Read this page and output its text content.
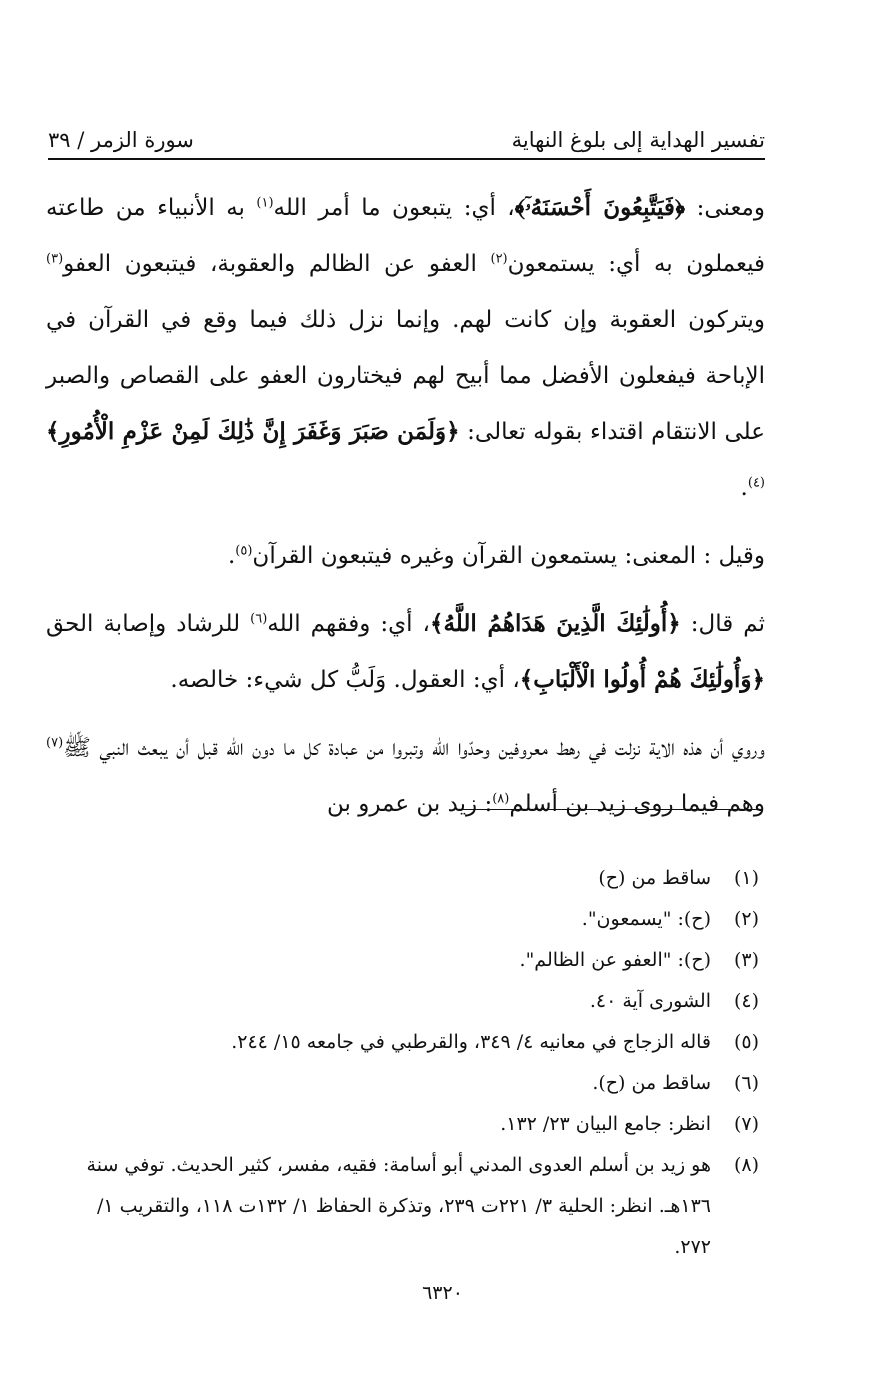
تفسير الهداية إلى بلوغ النهاية
سورة الزمر / ٣٩

ومعنى: ﴿فَيَتَّبِعُونَ أَحْسَنَهُۥٓ﴾، أي: يتبعون ما أمر الله$^{(١)}$ به الأنبياء من طاعته فيعملون به أي: يستمعون$^{(٢)}$ العفو عن الظالم والعقوبة، فيتبعون العفو$^{(٣)}$ ويتركون العقوبة وإن كانت لهم. وإنما نزل ذلك فيما وقع في القرآن في الإباحة فيفعلون الأفضل مما أبيح لهم فيختارون العفو على القصاص والصبر على الانتقام اقتداء بقوله تعالى: ﴿وَلَمَن صَبَرَ وَغَفَرَ إِنَّ ذَٰلِكَ لَمِنْ عَزْمِ الْأُمُورِ﴾$^{(٤)}$.

وقيل : المعنى: يستمعون القرآن وغيره فيتبعون القرآن$^{(٥)}$.

ثم قال: ﴿أُولَٰئِكَ الَّذِينَ هَدَاهُمُ اللَّهُ﴾، أي: وفقهم الله$^{(٦)}$ للرشاد وإصابة الحق ﴿وَأُولَٰئِكَ هُمْ أُولُوا الْأَلْبَابِ﴾، أي: العقول. وَلَبُّ كل شيء: خالصه.

وروي أن هذه الاية نزلت في رهط معروفين وحدّوا الله وتبروا من عبادة كل ما دون الله قبل أن يبعث النبي ﷺ$^{(٧)}$ وهم فيما روى زيد بن أسلم$^{(٨)}$: زيد بن عمرو بن

(١)
ساقط من (ح)
(٢)
(ح): "يسمعون".
(٣)
(ح): "العفو عن الظالم".
(٤)
الشورى آية ٤٠.
(٥)
قاله الزجاج في معانيه ٤/ ٣٤٩، والقرطبي في جامعه ١٥/ ٢٤٤.
(٦)
ساقط من (ح).
(٧)
انظر: جامع البيان ٢٣/ ١٣٢.
(٨)
هو زيد بن أسلم العدوى المدني أبو أسامة: فقيه، مفسر، كثير الحديث. توفي سنة ١٣٦هـ. انظر: الحلية ٣/ ٢٢١ت ٢٣٩، وتذكرة الحفاظ ١/ ١٣٢ت ١١٨، والتقريب ١/ ٢٧٢.
٦٣٢٠
